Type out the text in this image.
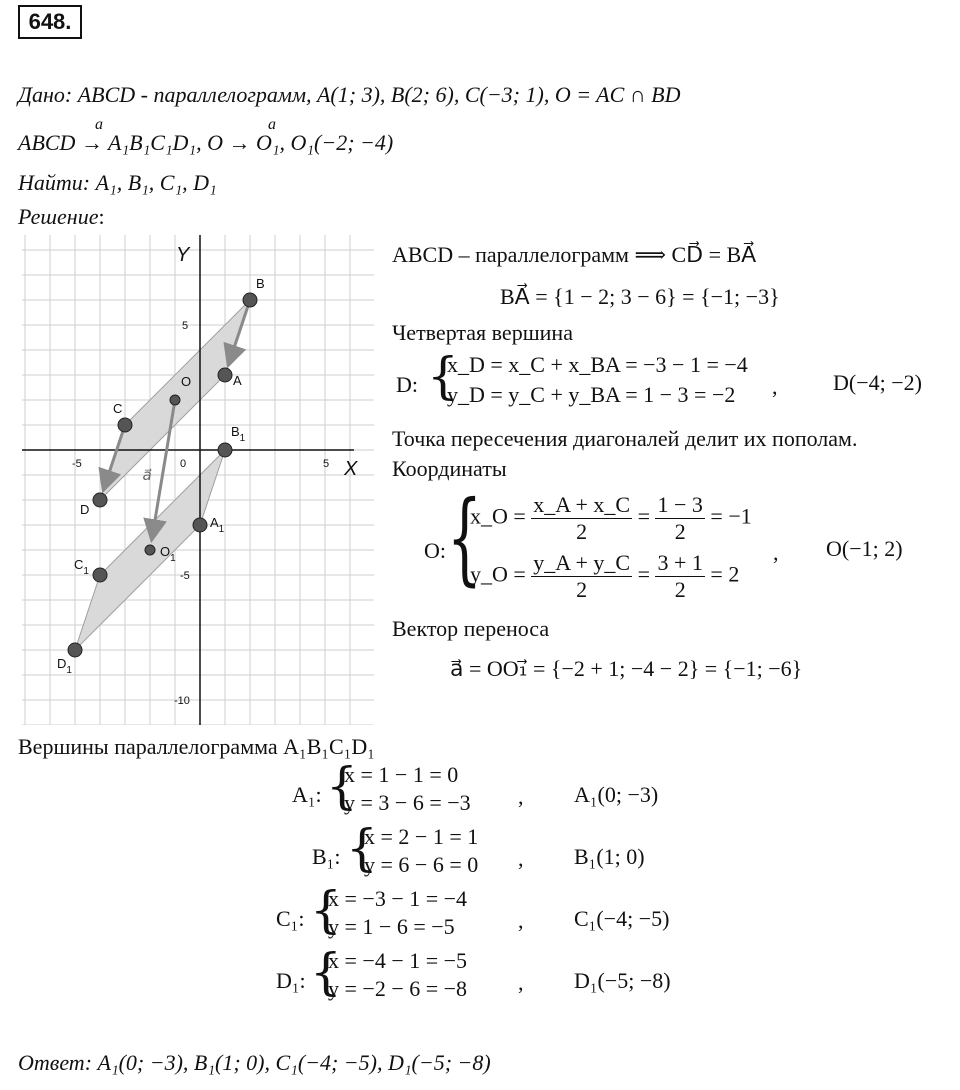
648.
Дано: ABCD - параллелограмм, A(1; 3), B(2; 6), C(−3; 1), O = AC ∩ BD
ABCD → A₁B₁C₁D₁, O → O₁, O₁(−2; −4)
a⃗	a⃗
Найти: A₁, B₁, C₁, D₁
Решение:
X
Y
-5	0	5
5
-5
-10
a⃗
A
B
C
D
O
$A_1$
$B_1$
$C_1$
$D_1$
$O_1$
ABCD – параллелограмм ⟹ CD⃗ = BA⃗
BA⃗ = {1 − 2; 3 − 6} = {−1; −3}
Четвертая вершина
D: {
x_D = x_C + x_BA = −3 − 1 = −4
y_D = y_C + y_BA = 1 − 3 = −2 ,	D(−4; −2)
Точка пересечения диагоналей делит их пополам.
Координаты
O: {
x_O = $\frac{x\_A + x\_C}{2} = \frac{1 - 3}{2} = -1$
y_O = $\frac{y\_A + y\_C}{2} = \frac{3 + 1}{2} = 2$
, O(−1; 2)
Вектор переноса
a⃗ = OO₁⃗ = {−2 + 1; −4 − 2} = {−1; −6}
Вершины параллелограмма A₁B₁C₁D₁
A₁: {
x = 1 − 1 = 0
y = 3 − 6 = −3 , A₁(0; −3)
B₁: {
x = 2 − 1 = 1
y = 6 − 6 = 0 , B₁(1; 0)
C₁: {
x = −3 − 1 = −4
y = 1 − 6 = −5	, C₁(−4; −5)
D₁: {
x = −4 − 1 = −5
y = −2 − 6 = −8 , D₁(−5; −8)
Ответ: A₁(0; −3), B₁(1; 0), C₁(−4; −5), D₁(−5; −8)
